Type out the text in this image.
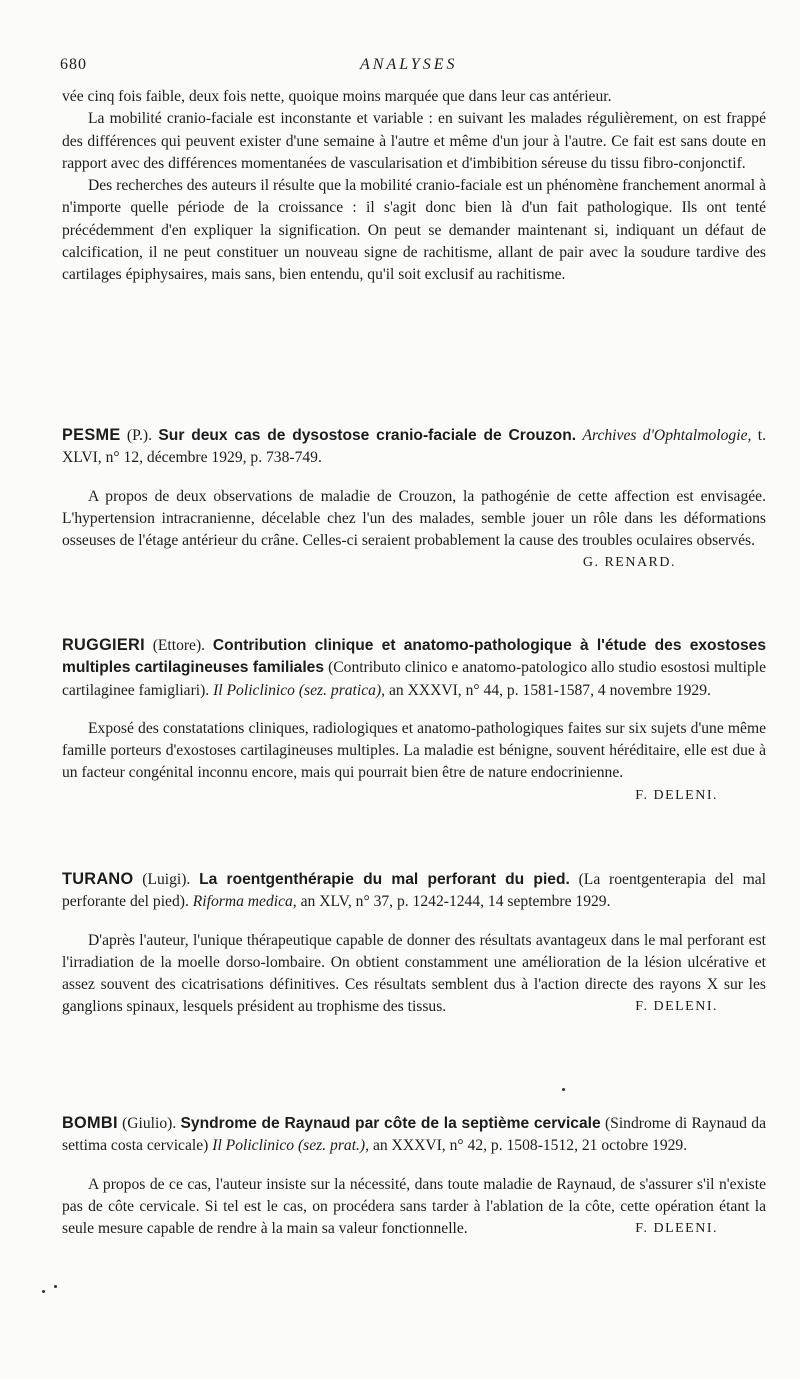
680	ANALYSES

vée cinq fois faible, deux fois nette, quoique moins marquée que dans leur cas antérieur.

La mobilité cranio-faciale est inconstante et variable : en suivant les malades régulièrement, on est frappé des différences qui peuvent exister d'une semaine à l'autre et même d'un jour à l'autre. Ce fait est sans doute en rapport avec des différences momentanées de vascularisation et d'imbibition séreuse du tissu fibro-conjonctif.

Des recherches des auteurs il résulte que la mobilité cranio-faciale est un phénomène franchement anormal à n'importe quelle période de la croissance : il s'agit donc bien là d'un fait pathologique. Ils ont tenté précédemment d'en expliquer la signification. On peut se demander maintenant si, indiquant un défaut de calcification, il ne peut constituer un nouveau signe de rachitisme, allant de pair avec la soudure tardive des cartilages épiphysaires, mais sans, bien entendu, qu'il soit exclusif au rachitisme.

PESME (P.). Sur deux cas de dysostose cranio-faciale de Crouzon. Archives d'Ophtalmologie, t. XLVI, n° 12, décembre 1929, p. 738-749.

A propos de deux observations de maladie de Crouzon, la pathogénie de cette affection est envisagée. L'hypertension intracranienne, décelable chez l'un des malades, semble jouer un rôle dans les déformations osseuses de l'étage antérieur du crâne. Celles-ci seraient probablement la cause des troubles oculaires observés.

G. RENARD.

RUGGIERI (Ettore). Contribution clinique et anatomo-pathologique à l'étude des exostoses multiples cartilagineuses familiales (Contributo clinico e anatomo-patologico allo studio esostosi multiple cartilaginee famigliari). Il Policlinico (sez. pratica), an XXXVI, n° 44, p. 1581-1587, 4 novembre 1929.

Exposé des constatations cliniques, radiologiques et anatomo-pathologiques faites sur six sujets d'une même famille porteurs d'exostoses cartilagineuses multiples. La maladie est bénigne, souvent héréditaire, elle est due à un facteur congénital inconnu encore, mais qui pourrait bien être de nature endocrinienne.
F. DELENI.

TURANO (Luigi). La roentgenthérapie du mal perforant du pied. (La roentgenterapia del mal perforante del pied). Riforma medica, an XLV, n° 37, p. 1242-1244, 14 septembre 1929.

D'après l'auteur, l'unique thérapeutique capable de donner des résultats avantageux dans le mal perforant est l'irradiation de la moelle dorso-lombaire. On obtient constamment une amélioration de la lésion ulcérative et assez souvent des cicatrisations définitives. Ces résultats semblent dus à l'action directe des rayons X sur les ganglions spinaux, lesquels président au trophisme des tissus.	F. DELENI.

BOMBI (Giulio). Syndrome de Raynaud par côte de la septième cervicale (Sindrome di Raynaud da settima costa cervicale) Il Policlinico (sez. prat.), an XXXVI, n° 42, p. 1508-1512, 21 octobre 1929.

A propos de ce cas, l'auteur insiste sur la nécessité, dans toute maladie de Raynaud, de s'assurer s'il n'existe pas de côte cervicale. Si tel est le cas, on procédera sans tarder à l'ablation de la côte, cette opération étant la seule mesure capable de rendre à la main sa valeur fonctionnelle.	F. DLEENI.
